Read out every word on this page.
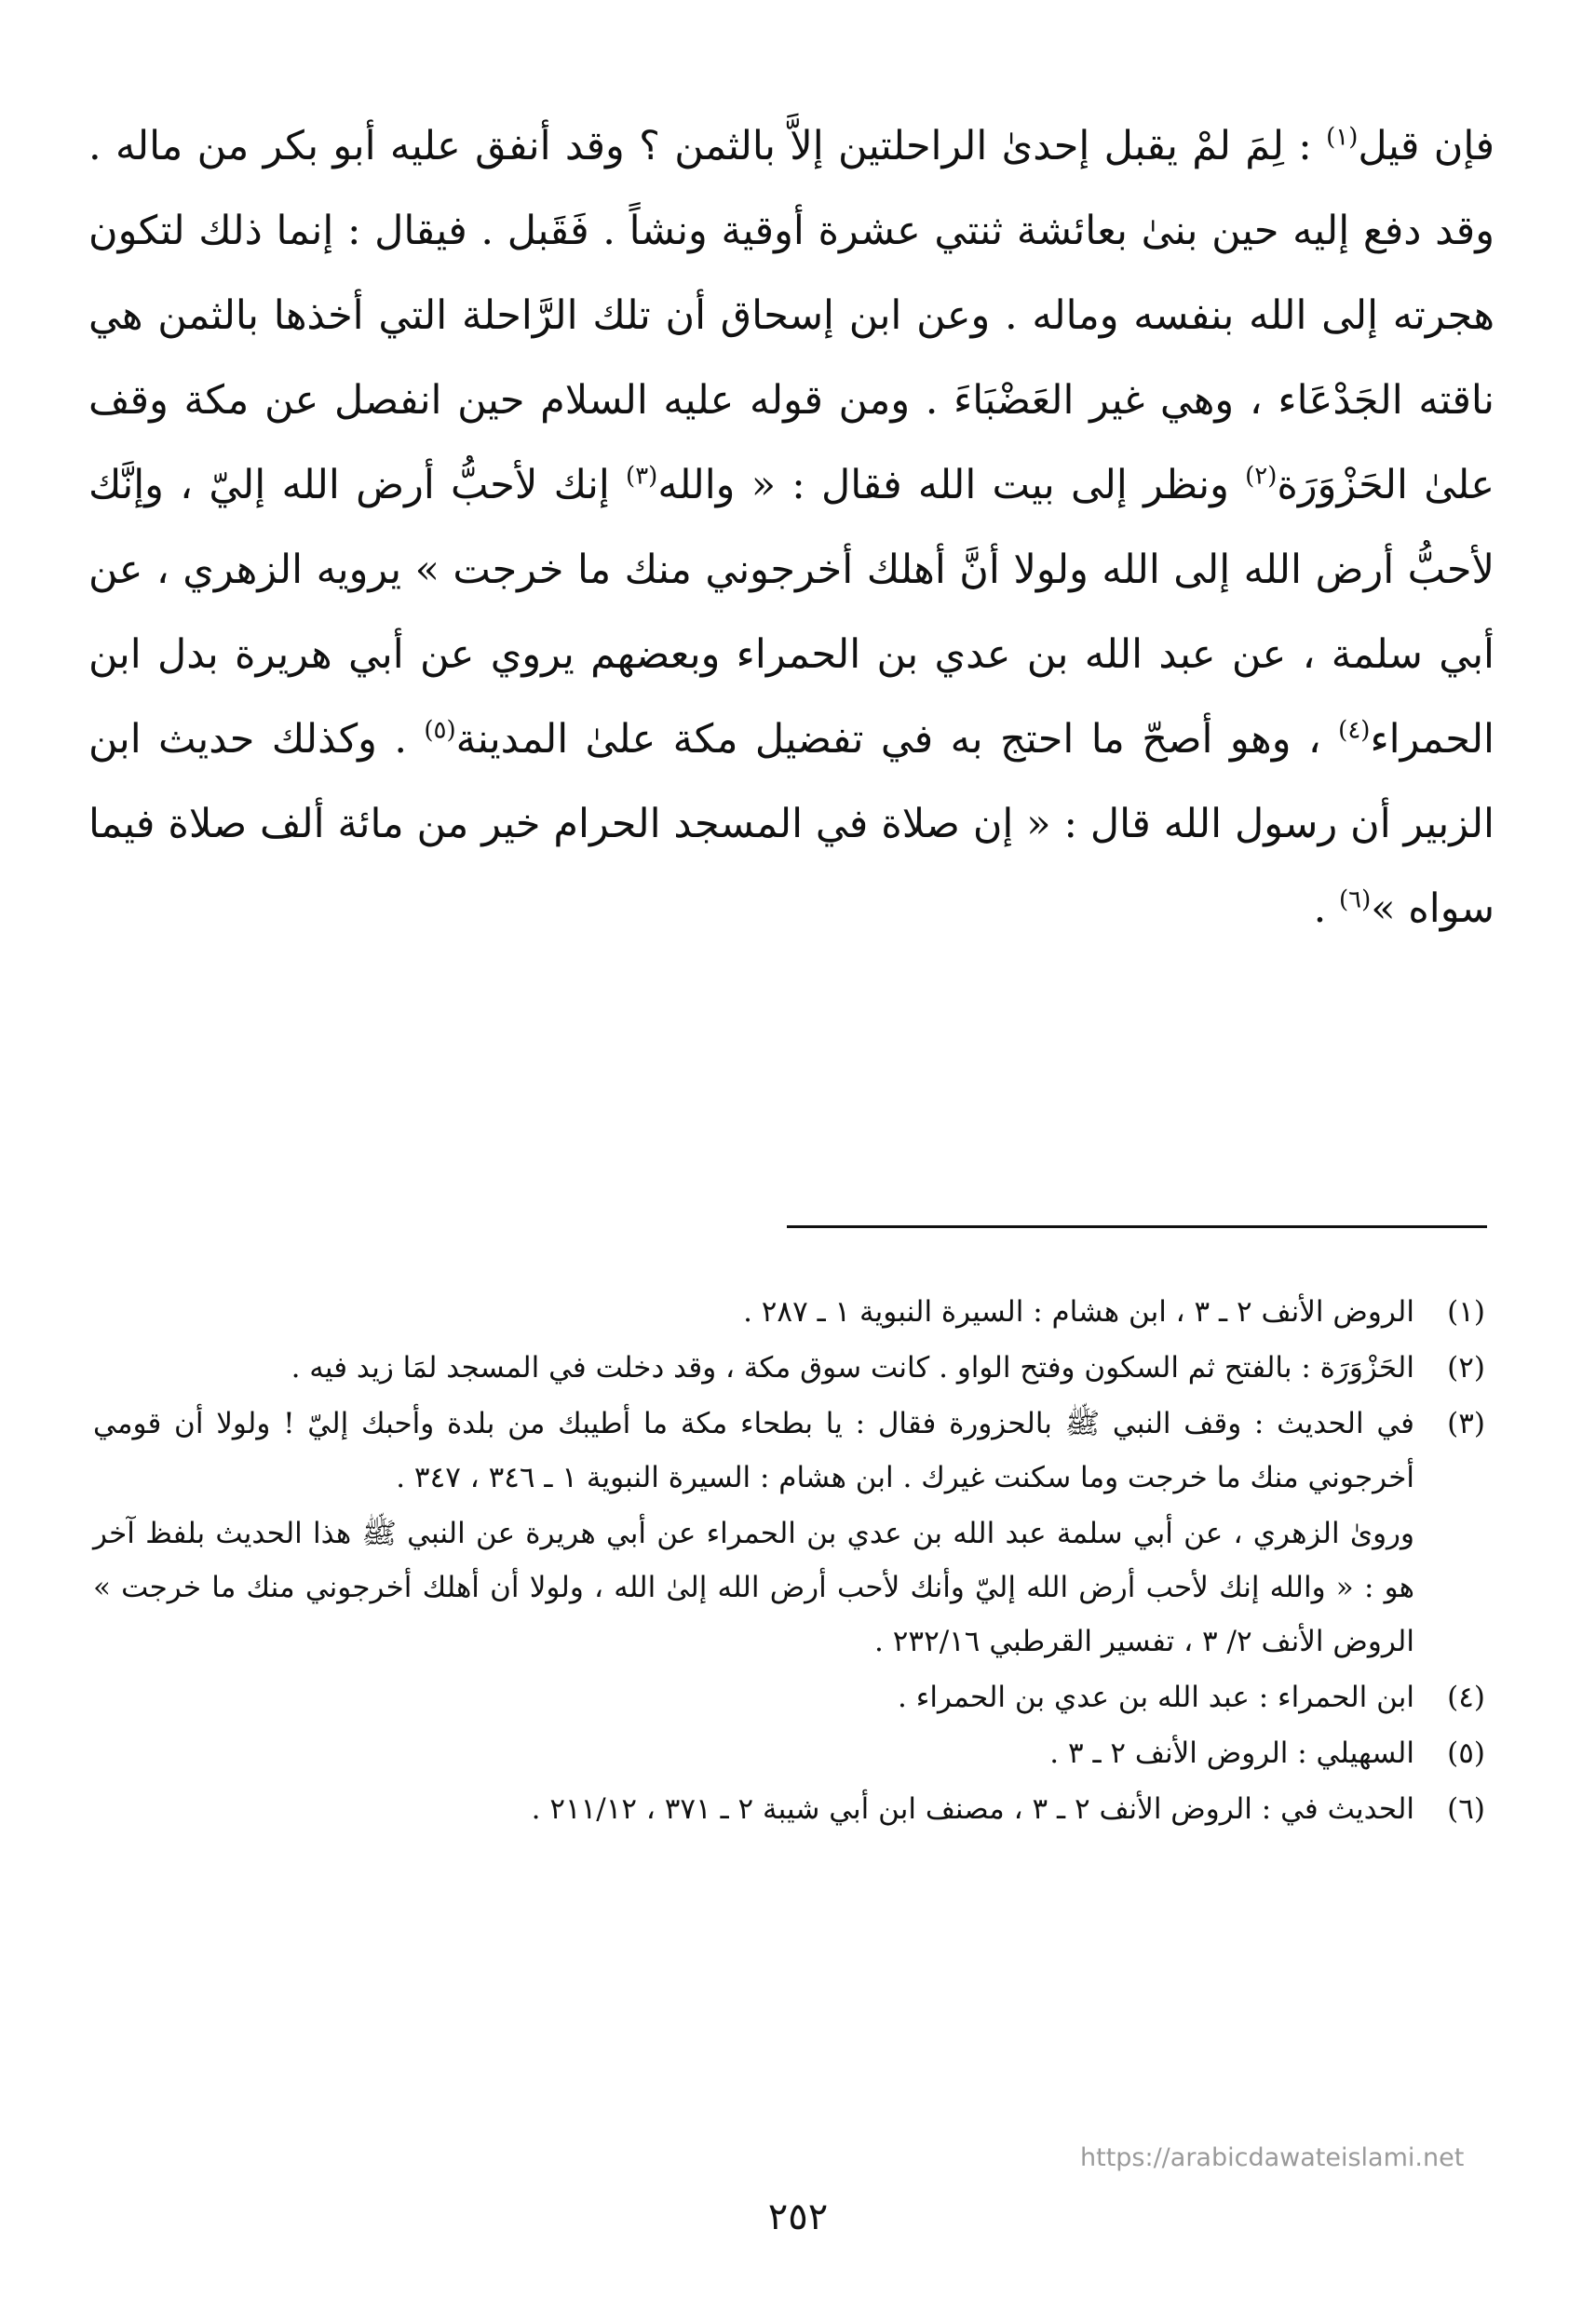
فإن قيل$^{(١)}$ : لِمَ لمْ يقبل إحدىٰ الراحلتين إلاَّ بالثمن ؟ وقد أنفق عليه أبو بكر من ماله . وقد دفع إليه حين بنىٰ بعائشة ثنتي عشرة أوقية ونشاً . فَقَبل . فيقال : إنما ذلك لتكون هجرته إلى الله بنفسه وماله . وعن ابن إسحاق أن تلك الرَّاحلة التي أخذها بالثمن هي ناقته الجَدْعَاء ، وهي غير العَضْبَاءَ . ومن قوله عليه السلام حين انفصل عن مكة وقف علىٰ الحَزْوَرَة$^{(٢)}$ ونظر إلى بيت الله فقال : « والله$^{(٣)}$ إنك لأحبُّ أرض الله إليّ ، وإنَّك لأحبُّ أرض الله إلى الله ولولا أنَّ أهلك أخرجوني منك ما خرجت » يرويه الزهري ، عن أبي سلمة ، عن عبد الله بن عدي بن الحمراء وبعضهم يروي عن أبي هريرة بدل ابن الحمراء$^{(٤)}$ ، وهو أصحّ ما احتج به في تفضيل مكة علىٰ المدينة$^{(٥)}$ . وكذلك حديث ابن الزبير أن رسول الله قال : « إن صلاة في المسجد الحرام خير من مائة ألف صلاة فيما سواه »$^{(٦)}$ .

(١)
الروض الأنف ٢ ـ ٣ ، ابن هشام : السيرة النبوية ١ ـ ٢٨٧ .
(٢)
الحَزْوَرَة : بالفتح ثم السكون وفتح الواو . كانت سوق مكة ، وقد دخلت في المسجد لمَا زيد فيه .
(٣)
في الحديث : وقف النبي ﷺ بالحزورة فقال : يا بطحاء مكة ما أطيبك من بلدة وأحبك إليّ ! ولولا أن قومي أخرجوني منك ما خرجت وما سكنت غيرك . ابن هشام : السيرة النبوية ١ ـ ٣٤٦ ، ٣٤٧ .
ورویٰ الزهري ، عن أبي سلمة عبد الله بن عدي بن الحمراء عن أبي هريرة عن النبي ﷺ هذا الحديث بلفظ آخر هو : « والله إنك لأحب أرض الله إليّ وأنك لأحب أرض الله إلىٰ الله ، ولولا أن أهلك أخرجوني منك ما خرجت » الروض الأنف ٢/ ٣ ، تفسير القرطبي ٢٣٢/١٦ .
(٤)
ابن الحمراء : عبد الله بن عدي بن الحمراء .
(٥)
السهيلي : الروض الأنف ٢ ـ ٣ .
(٦)
الحديث في : الروض الأنف ٢ ـ ٣ ، مصنف ابن أبي شيبة ٢ ـ ٣٧١ ، ٢١١/١٢ .
https://arabicdawateislami.net
٢٥٢
